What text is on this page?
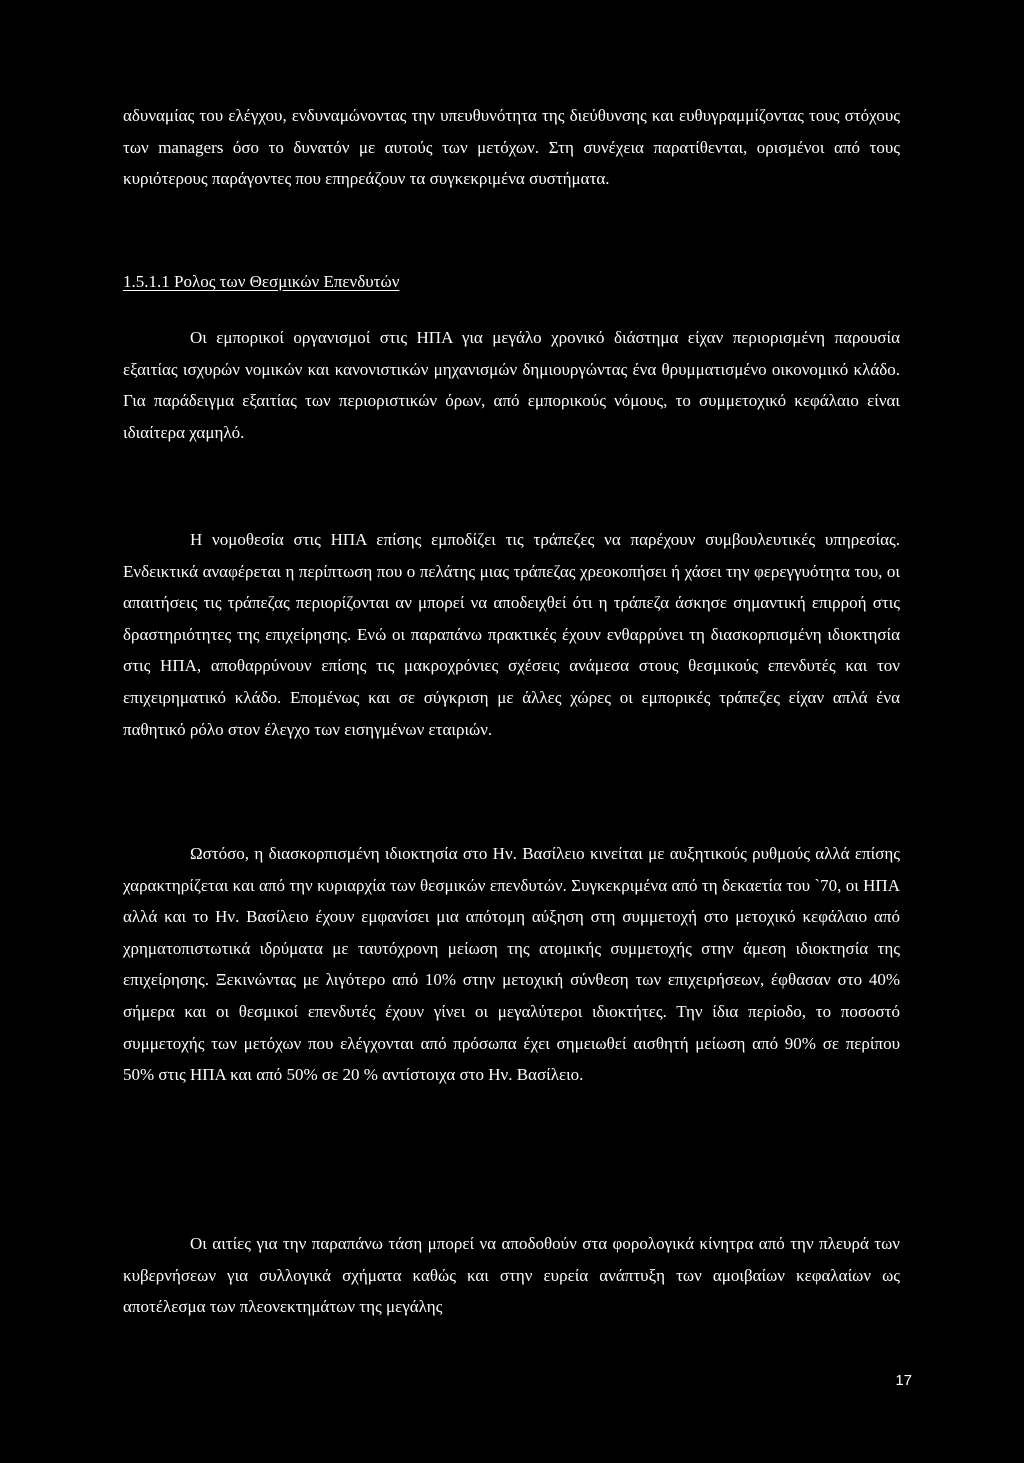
αδυναμίας του ελέγχου, ενδυναμώνοντας την υπευθυνότητα της διεύθυνσης και ευθυγραμμίζοντας τους στόχους των managers όσο το δυνατόν με αυτούς των μετόχων. Στη συνέχεια παρατίθενται, ορισμένοι από τους κυριότερους παράγοντες που επηρεάζουν τα συγκεκριμένα συστήματα.

1.5.1.1 Ρολος των Θεσμικών Επενδυτών

Οι εμπορικοί οργανισμοί στις ΗΠΑ για μεγάλο χρονικό διάστημα είχαν περιορισμένη παρουσία εξαιτίας ισχυρών νομικών και κανονιστικών μηχανισμών δημιουργώντας ένα θρυμματισμένο οικονομικό κλάδο. Για παράδειγμα εξαιτίας των περιοριστικών όρων, από εμπορικούς νόμους, το συμμετοχικό κεφάλαιο είναι ιδιαίτερα χαμηλό.

Η νομοθεσία στις ΗΠΑ επίσης εμποδίζει τις τράπεζες να παρέχουν συμβουλευτικές υπηρεσίας. Ενδεικτικά αναφέρεται η περίπτωση που ο πελάτης μιας τράπεζας χρεοκοπήσει ή χάσει την φερεγγυότητα του, οι απαιτήσεις τις τράπεζας περιορίζονται αν μπορεί να αποδειχθεί ότι η τράπεζα άσκησε σημαντική επιρροή στις δραστηριότητες της επιχείρησης. Ενώ οι παραπάνω πρακτικές έχουν ενθαρρύνει τη διασκορπισμένη ιδιοκτησία στις ΗΠΑ, αποθαρρύνουν επίσης τις μακροχρόνιες σχέσεις ανάμεσα στους θεσμικούς επενδυτές και τον επιχειρηματικό κλάδο. Επομένως και σε σύγκριση με άλλες χώρες οι εμπορικές τράπεζες είχαν απλά ένα παθητικό ρόλο στον έλεγχο των εισηγμένων εταιριών.

Ωστόσο, η διασκορπισμένη ιδιοκτησία στο Ην. Βασίλειο κινείται με αυξητικούς ρυθμούς αλλά επίσης χαρακτηρίζεται και από την κυριαρχία των θεσμικών επενδυτών. Συγκεκριμένα από τη δεκαετία του `70, οι ΗΠΑ αλλά και το Ην. Βασίλειο έχουν εμφανίσει μια απότομη αύξηση στη συμμετοχή στο μετοχικό κεφάλαιο από χρηματοπιστωτικά ιδρύματα με ταυτόχρονη μείωση της ατομικής συμμετοχής στην άμεση ιδιοκτησία της επιχείρησης. Ξεκινώντας με λιγότερο από 10% στην μετοχική σύνθεση των επιχειρήσεων, έφθασαν στο 40% σήμερα και οι θεσμικοί επενδυτές έχουν γίνει οι μεγαλύτεροι ιδιοκτήτες. Την ίδια περίοδο, το ποσοστό συμμετοχής των μετόχων που ελέγχονται από πρόσωπα έχει σημειωθεί αισθητή μείωση από 90% σε περίπου 50% στις ΗΠΑ και από 50% σε 20 % αντίστοιχα στο Ην. Βασίλειο.

Οι αιτίες για την παραπάνω τάση μπορεί να αποδοθούν στα φορολογικά κίνητρα από την πλευρά των κυβερνήσεων για συλλογικά σχήματα καθώς και στην ευρεία ανάπτυξη των αμοιβαίων κεφαλαίων ως αποτέλεσμα των πλεονεκτημάτων της μεγάλης

17
